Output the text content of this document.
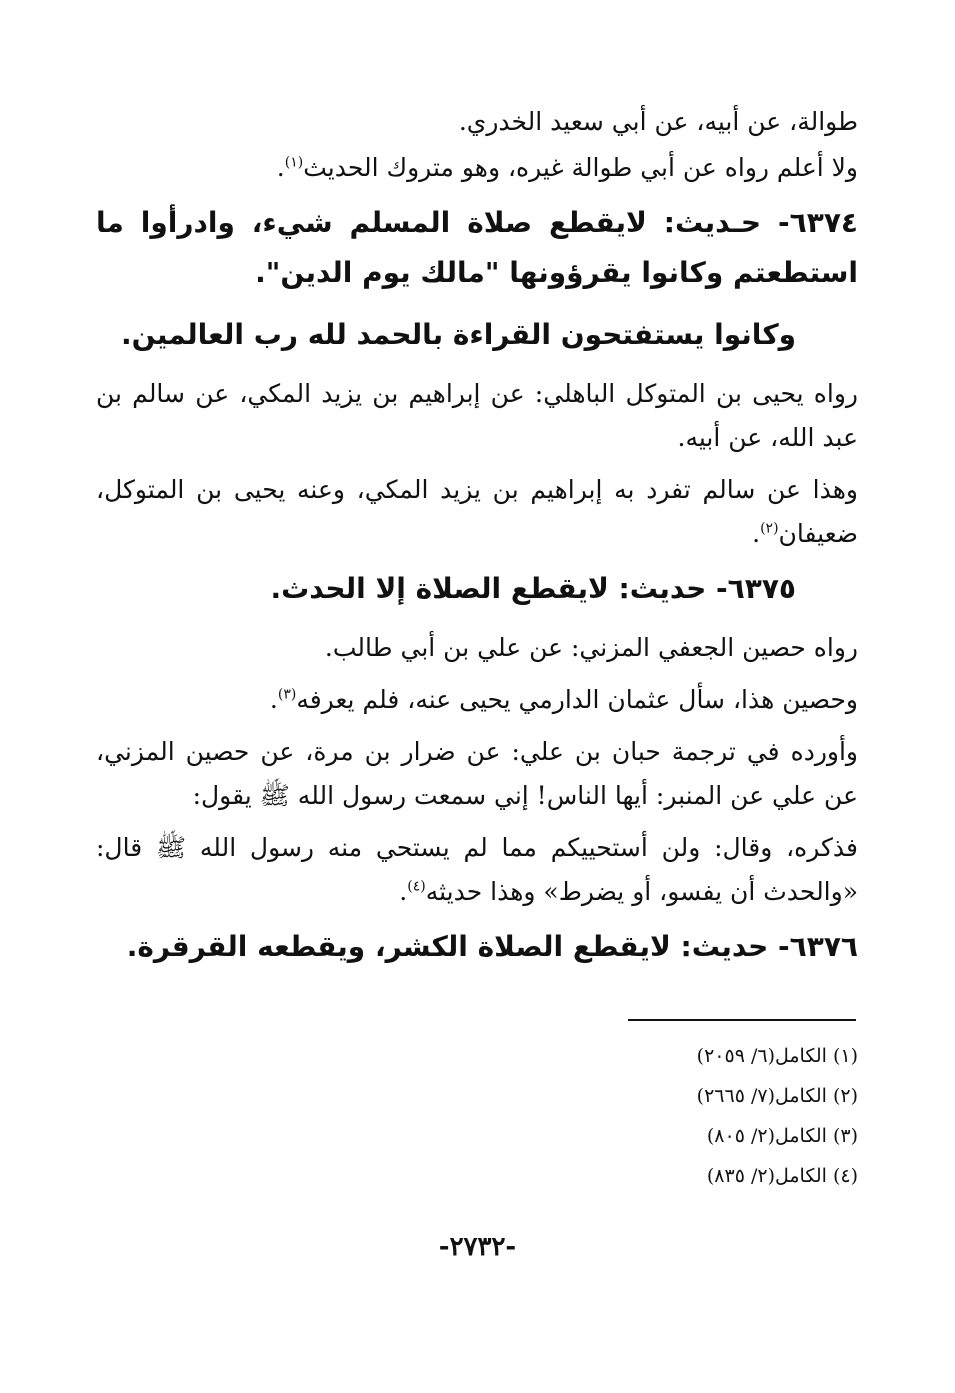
طوالة، عن أبيه، عن أبي سعيد الخدري.

ولا أعلم رواه عن أبي طوالة غيره، وهو متروك الحديث$^{(١)}$.

٦٣٧٤- حـديث: لايقطع صلاة المسلم شيء، وادرأوا ما استطعتم وكانوا يقرؤونها "مالك يوم الدين".

وكانوا يستفتحون القراءة بالحمد لله رب العالمين.

رواه يحيى بن المتوكل الباهلي: عن إبراهيم بن يزيد المكي، عن سالم بن عبد الله، عن أبيه.

وهذا عن سالم تفرد به إبراهيم بن يزيد المكي، وعنه يحيى بن المتوكل، ضعيفان$^{(٢)}$.

٦٣٧٥- حديث: لايقطع الصلاة إلا الحدث.

رواه حصين الجعفي المزني: عن علي بن أبي طالب.

وحصين هذا، سأل عثمان الدارمي يحيى عنه، فلم يعرفه$^{(٣)}$.

وأورده في ترجمة حبان بن علي: عن ضرار بن مرة، عن حصين المزني، عن علي عن المنبر: أيها الناس! إني سمعت رسول الله ﷺ يقول:

فذكره، وقال: ولن أستحييكم مما لم يستحي منه رسول الله ﷺ قال: «والحدث أن يفسو، أو يضرط» وهذا حديثه$^{(٤)}$.

٦٣٧٦- حديث: لايقطع الصلاة الكشر، ويقطعه القرقرة.

(١) الكامل(٦/ ٢٠٥٩)

(٢) الكامل(٧/ ٢٦٦٥)

(٣) الكامل(٢/ ٨٠٥)

(٤) الكامل(٢/ ٨٣٥)

-٢٧٣٢-
